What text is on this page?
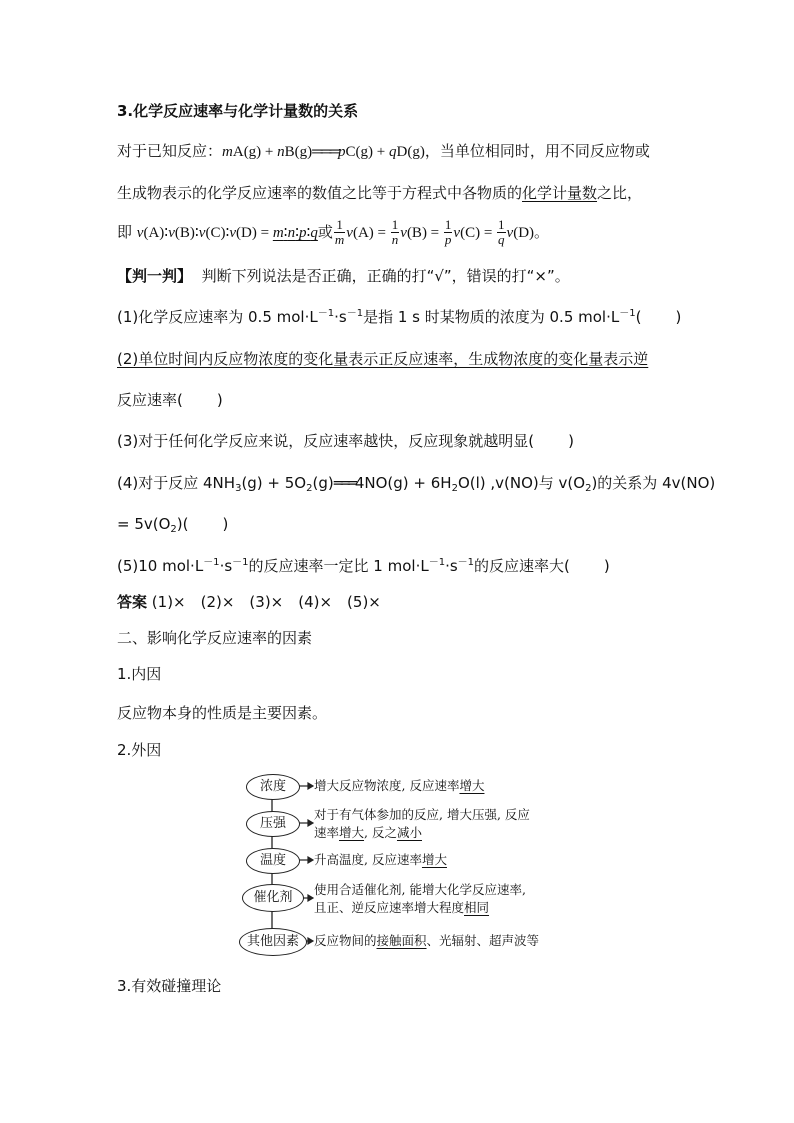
3.化学反应速率与化学计量数的关系
对于已知反应：mA(g) + nB(g)═══pC(g) + qD(g)，当单位相同时，用不同反应物或
生成物表示的化学反应速率的数值之比等于方程式中各物质的化学计量数之比，
即 v(A)∶v(B)∶v(C)∶v(D) = m∶n∶p∶q或 $\frac{1}{m} v(A) = \frac{1}{n} v(B) = \frac{1}{p} v(C) = \frac{1}{q} v(D)$。
【判一判】 判断下列说法是否正确，正确的打“√”，错误的打“×”。
(1)化学反应速率为 0.5 $mol\cdot L^{-1}\cdot s^{-1}$是指 1 s 时某物质的浓度为 0.5 $mol\cdot L^{-1}$( )
(2)单位时间内反应物浓度的变化量表示正反应速率，生成物浓度的变化量表示逆
反应速率( )
(3)对于任何化学反应来说，反应速率越快，反应现象就越明显( )
(4)对于反应 $4NH_3(g)$ + $5O_2(g)═══4NO(g) + 6H_2O(l)$ ,v(NO)与 $v(O_2)$的关系为 4v(NO)
= $5v(O_2)$( )
(5)10 $mol\cdot L^{-1}\cdot s^{-1}$的反应速率一定比 1 $mol\cdot L^{-1}\cdot s^{-1}$的反应速率大( )
答案 (1)×　(2)×　(3)×　(4)×　(5)×
二、影响化学反应速率的因素
1.内因
反应物本身的性质是主要因素。
2.外因
浓度
压强
温度
催化剂
其他因素
增大反应物浓度, 反应速率增大
对于有气体参加的反应, 增大压强, 反应
速率增大, 反之减小
升高温度, 反应速率增大
使用合适催化剂, 能增大化学反应速率,
且正、逆反应速率增大程度相同
反应物间的接触面积、光辐射、超声波等
3.有效碰撞理论
